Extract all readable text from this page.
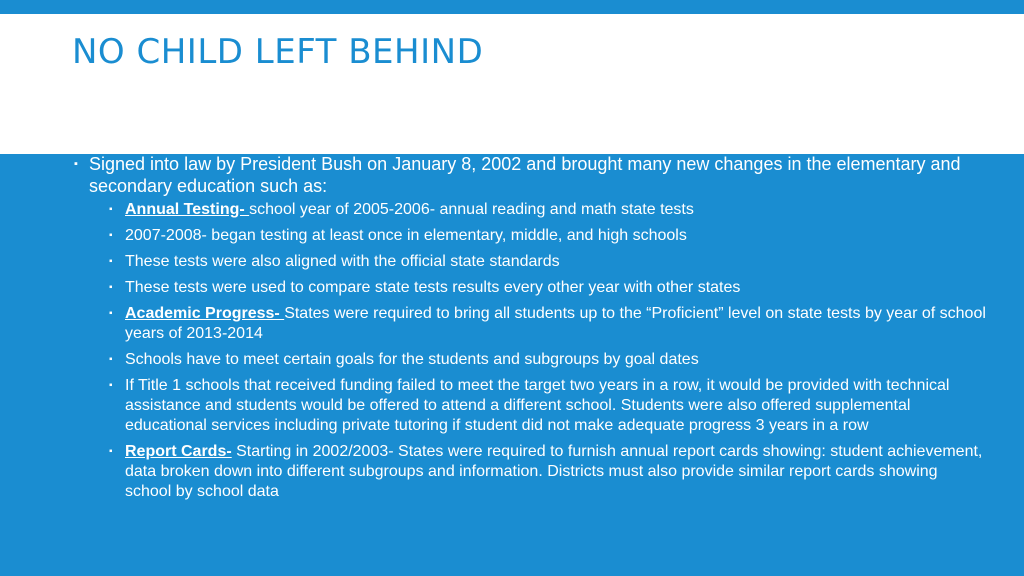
NO CHILD LEFT BEHIND
▪ Signed into law by President Bush on January 8, 2002 and brought many new changes in the elementary and secondary education such as:
▪ Annual Testing- school year of 2005-2006- annual reading and math state tests
▪ 2007-2008- began testing at least once in elementary, middle, and high schools
▪ These tests were also aligned with the official state standards
▪ These tests were used to compare state tests results every other year with other states
▪ Academic Progress- States were required to bring all students up to the “Proficient” level on state tests by year of school years of 2013-2014
▪ Schools have to meet certain goals for the students and subgroups by goal dates
▪ If Title 1 schools that received funding failed to meet the target two years in a row, it would be provided with technical assistance and students would be offered to attend a different school. Students were also offered supplemental educational services including private tutoring if student did not make adequate progress 3 years in a row
▪ Report Cards- Starting in 2002/2003- States were required to furnish annual report cards showing: student achievement, data broken down into different subgroups and information. Districts must also provide similar report cards showing school by school data
